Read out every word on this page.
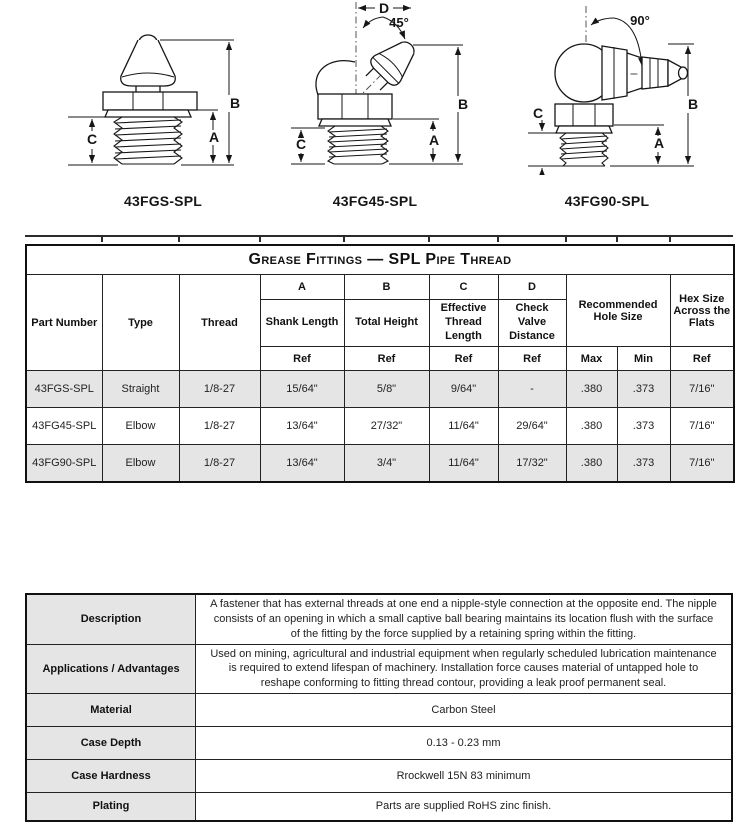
B
A
C
43FGS-SPL
D
45°
B
A
C
43FG45-SPL
90°
B
A
C
43FG90-SPL
Grease Fittings — SPL Pipe Thread									
Part Number	Type	Thread	A	B	C	D	Recommended Hole Size		Hex Size Across the Flats
			Shank Length	Total Height	Effective Thread Length	Check Valve Distance			
			Ref	Ref	Ref	Ref	Max	Min	Ref
43FGS-SPL	Straight	1/8-27	15/64"	5/8"	9/64"	-	.380	.373	7/16"
43FG45-SPL	Elbow	1/8-27	13/64"	27/32"	11/64"	29/64"	.380	.373	7/16"
43FG90-SPL	Elbow	1/8-27	13/64"	3/4"	11/64"	17/32"	.380	.373	7/16"
Description	A fastener that has external threads at one end a nipple-style connection at the opposite end. The nipple consists of an opening in which a small captive ball bearing maintains its location flush with the surface of the fitting by the force supplied by a retaining spring within the fitting.
Applications / Advantages	Used on mining, agricultural and industrial equipment when regularly scheduled lubrication maintenance is required to extend lifespan of machinery. Installation force causes material of untapped hole to reshape conforming to fitting thread contour, providing a leak proof permanent seal.
Material	Carbon Steel
Case Depth	0.13 - 0.23 mm
Case Hardness	Rrockwell 15N 83 minimum
Plating	Parts are supplied RoHS zinc finish.
